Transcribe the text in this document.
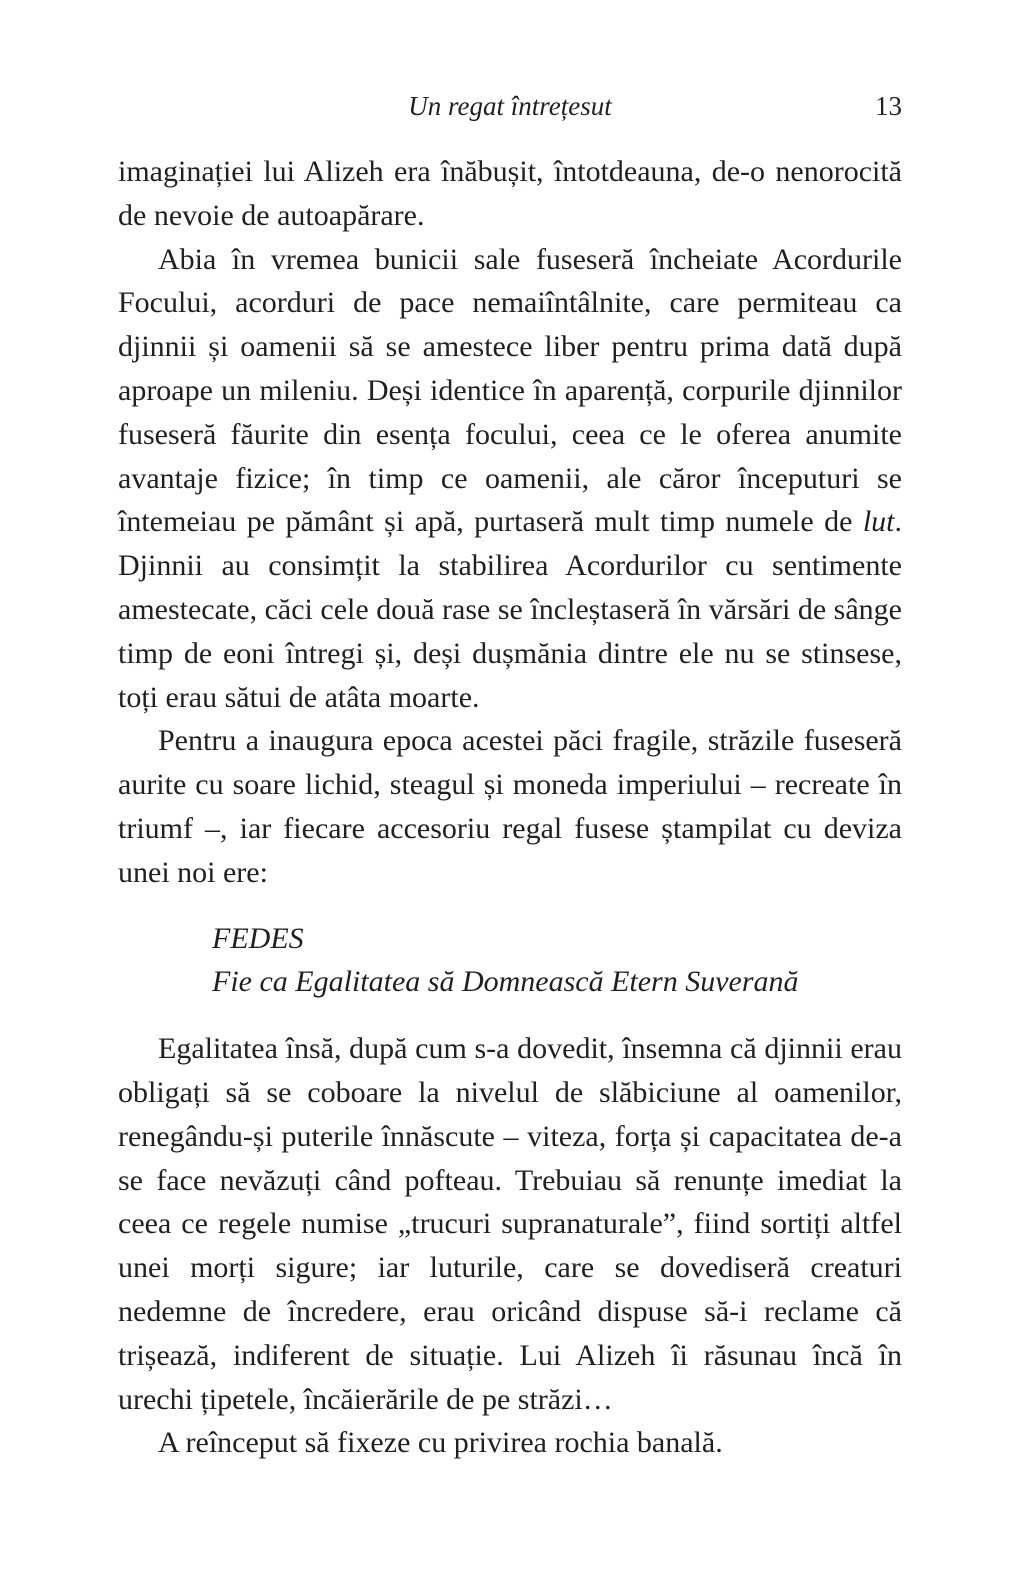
Un regat întrețesut	13

imaginației lui Alizeh era înăbușit, întotdeauna, de-o nenorocită de nevoie de autoapărare.

Abia în vremea bunicii sale fuseseră încheiate Acordurile Focului, acorduri de pace nemaiîntâlnite, care permiteau ca djinnii și oamenii să se amestece liber pentru prima dată după aproape un mileniu. Deși identice în aparență, corpurile djinnilor fuseseră făurite din esența focului, ceea ce le oferea anumite avantaje fizice; în timp ce oamenii, ale căror începuturi se întemeiau pe pământ și apă, purtaseră mult timp numele de lut. Djinnii au consimțit la stabilirea Acordurilor cu sentimente amestecate, căci cele două rase se încleștaseră în vărsări de sânge timp de eoni întregi și, deși dușmănia dintre ele nu se stinsese, toți erau sătui de atâta moarte.

Pentru a inaugura epoca acestei păci fragile, străzile fuseseră aurite cu soare lichid, steagul și moneda imperiului – recreate în triumf –, iar fiecare accesoriu regal fusese ștampilat cu deviza unei noi ere:

FEDES
Fie ca Egalitatea să Domnească Etern Suverană

Egalitatea însă, după cum s-a dovedit, însemna că djinnii erau obligați să se coboare la nivelul de slăbiciune al oamenilor, renegându-și puterile înnăscute – viteza, forța și capacitatea de-a se face nevăzuți când pofteau. Trebuiau să renunțe imediat la ceea ce regele numise „trucuri supranaturale”, fiind sortiți altfel unei morți sigure; iar luturile, care se dovediseră creaturi nedemne de încredere, erau oricând dispuse să-i reclame că trișează, indiferent de situație. Lui Alizeh îi răsunau încă în urechi țipetele, încăierările de pe străzi…

A reînceput să fixeze cu privirea rochia banală.
